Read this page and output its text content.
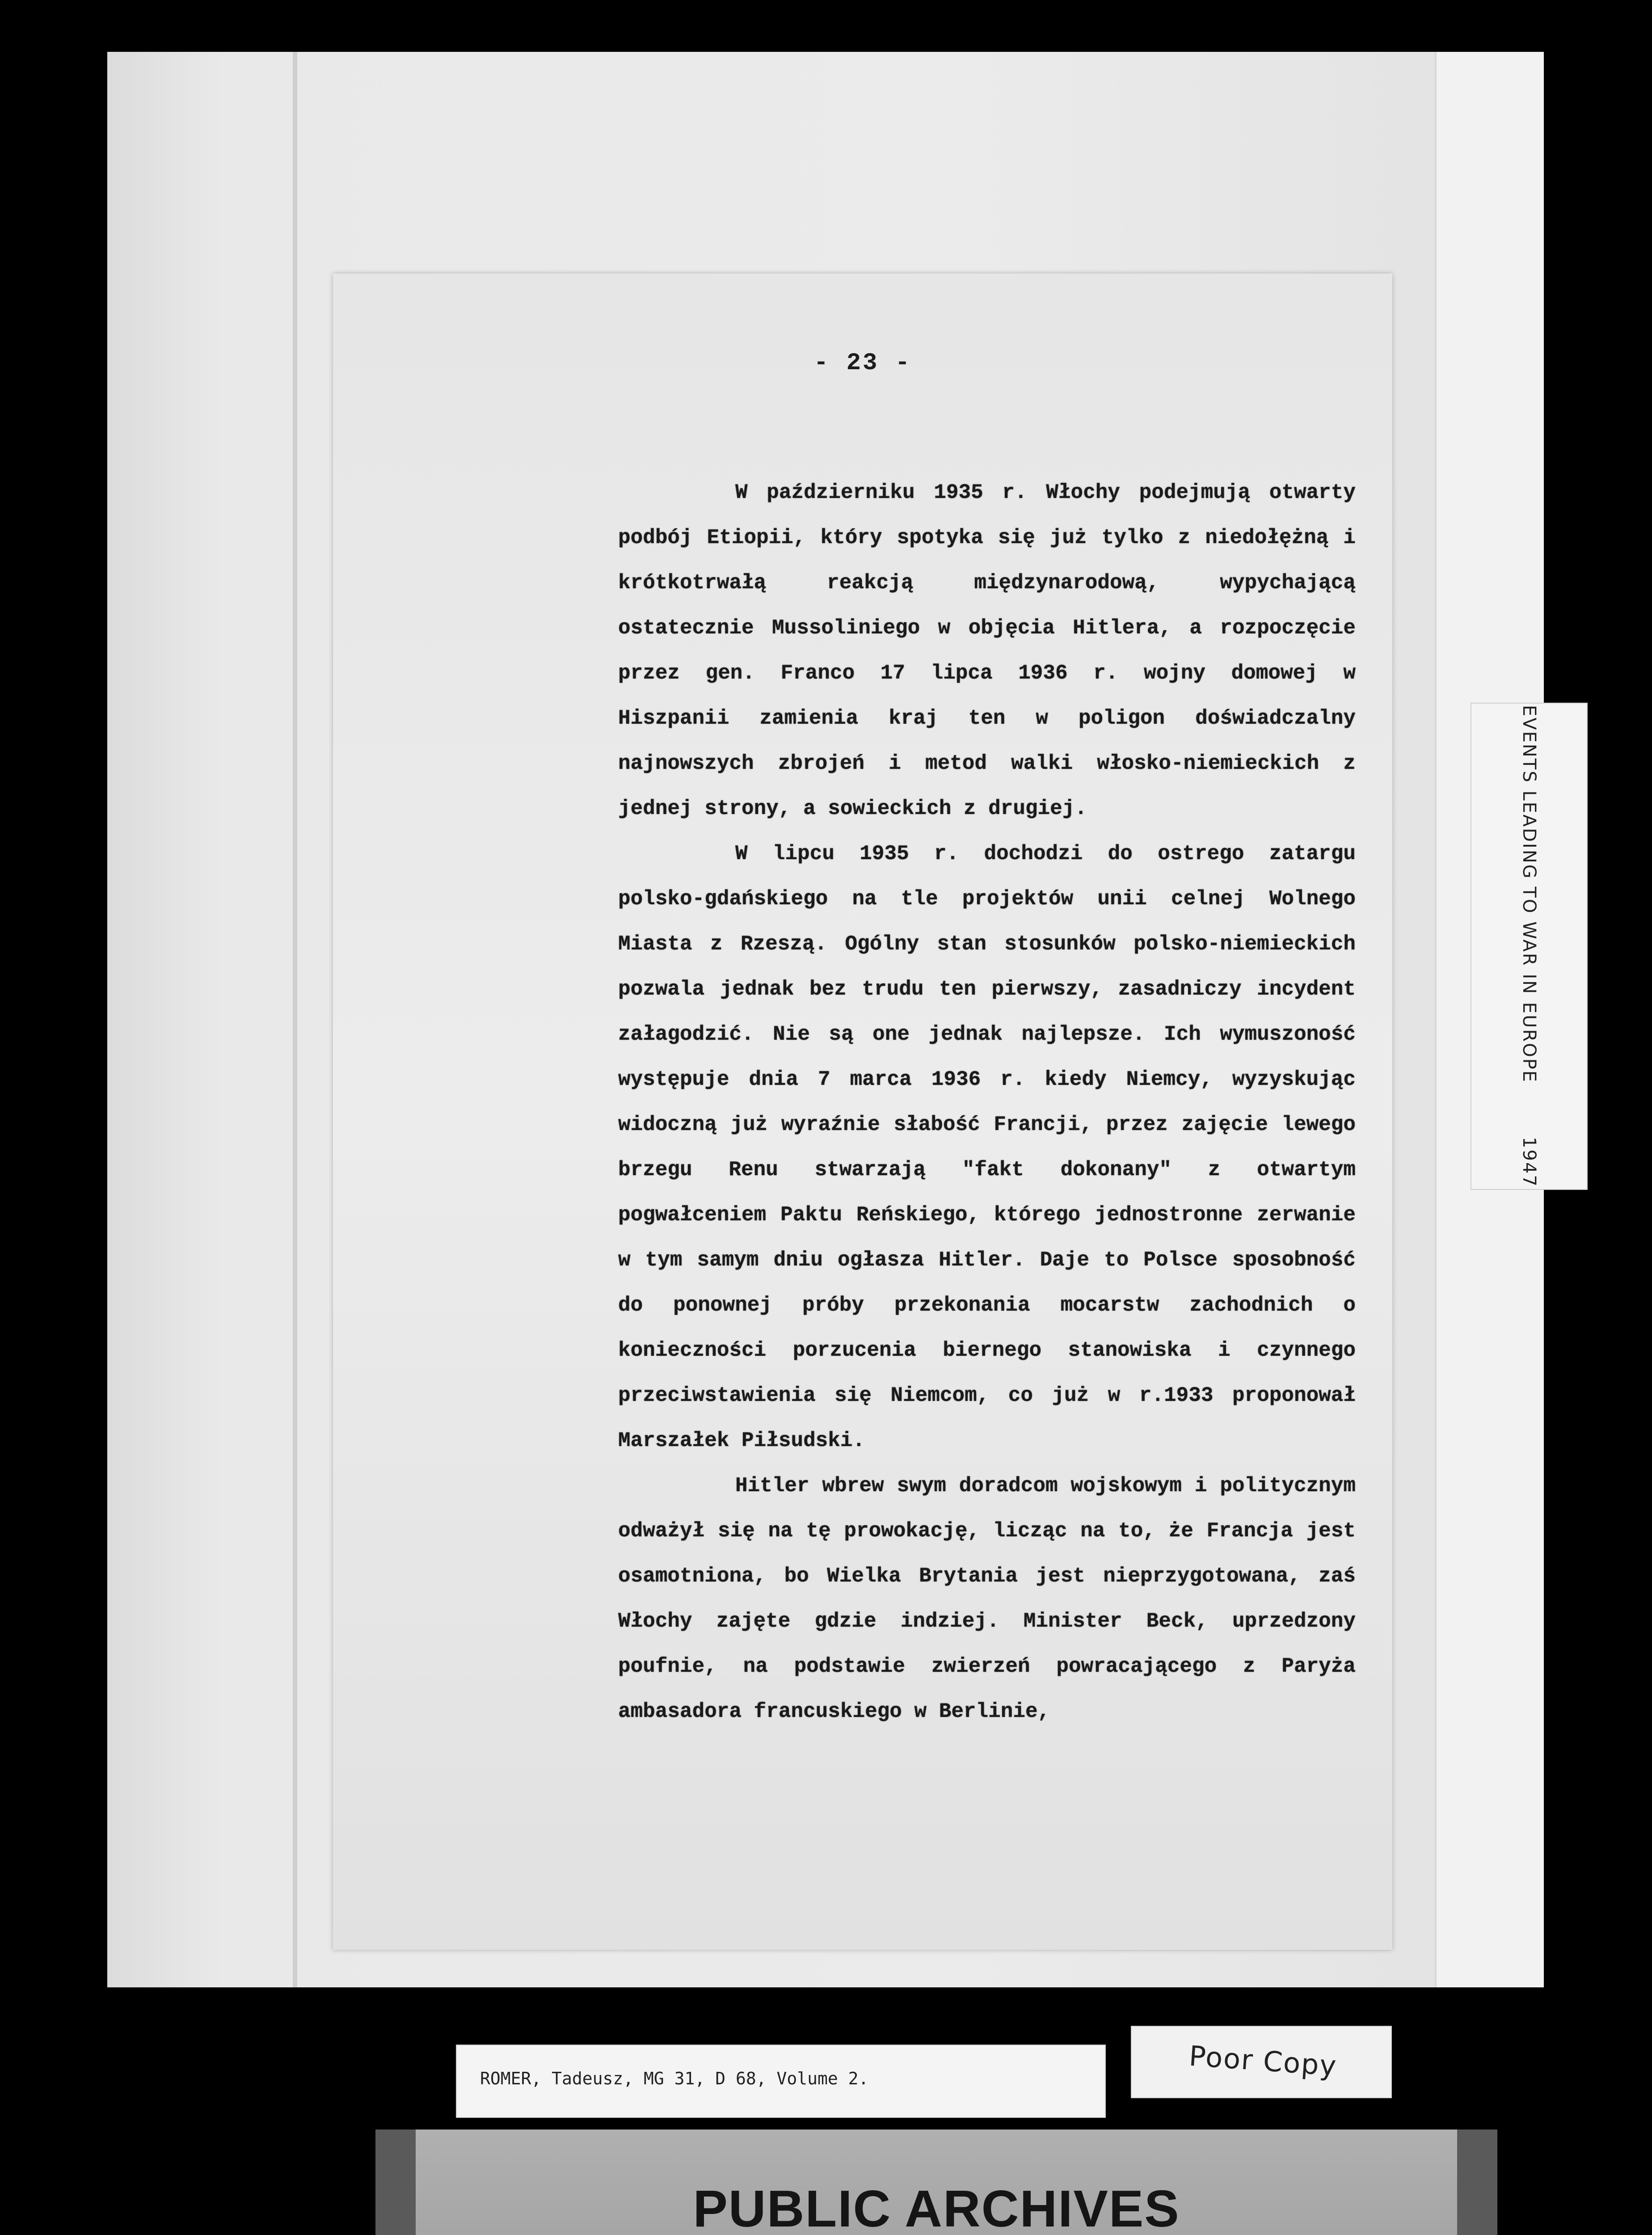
- 23 -

W październiku 1935 r. Włochy podejmują otwarty podbój Etiopii, który spotyka się już tylko z niedołężną i krótkotrwałą reakcją międzynarodową, wypychającą ostatecznie Mussoliniego w objęcia Hitlera, a rozpoczęcie przez gen. Franco 17 lipca 1936 r. wojny domowej w Hiszpanii zamienia kraj ten w poligon doświadczalny najnowszych zbrojeń i metod walki włosko-niemieckich z jednej strony, a sowieckich z drugiej.

W lipcu 1935 r. dochodzi do ostrego zatargu polsko-gdańskiego na tle projektów unii celnej Wolnego Miasta z Rzeszą. Ogólny stan stosunków polsko-niemieckich pozwala jednak bez trudu ten pierwszy, zasadniczy incydent załagodzić. Nie są one jednak najlepsze. Ich wymuszoność występuje dnia 7 marca 1936 r. kiedy Niemcy, wyzyskując widoczną już wyraźnie słabość Francji, przez zajęcie lewego brzegu Renu stwarzają "fakt dokonany" z otwartym pogwałceniem Paktu Reńskiego, którego jednostronne zerwanie w tym samym dniu ogłasza Hitler. Daje to Polsce sposobność do ponownej próby przekonania mocarstw zachodnich o konieczności porzucenia biernego stanowiska i czynnego przeciwstawienia się Niemcom, co już w r.1933 proponował Marszałek Piłsudski.

Hitler wbrew swym doradcom wojskowym i politycznym odważył się na tę prowokację, licząc na to, że Francja jest osamotniona, bo Wielka Brytania jest nieprzygotowana, zaś Włochy zajęte gdzie indziej. Minister Beck, uprzedzony poufnie, na podstawie zwierzeń powracającego z Paryża ambasadora francuskiego w Berlinie,

EVENTS LEADING TO WAR IN EUROPE1947
ROMER, Tadeusz, MG 31, D 68, Volume 2.	Poor Copy
PUBLIC ARCHIVES
